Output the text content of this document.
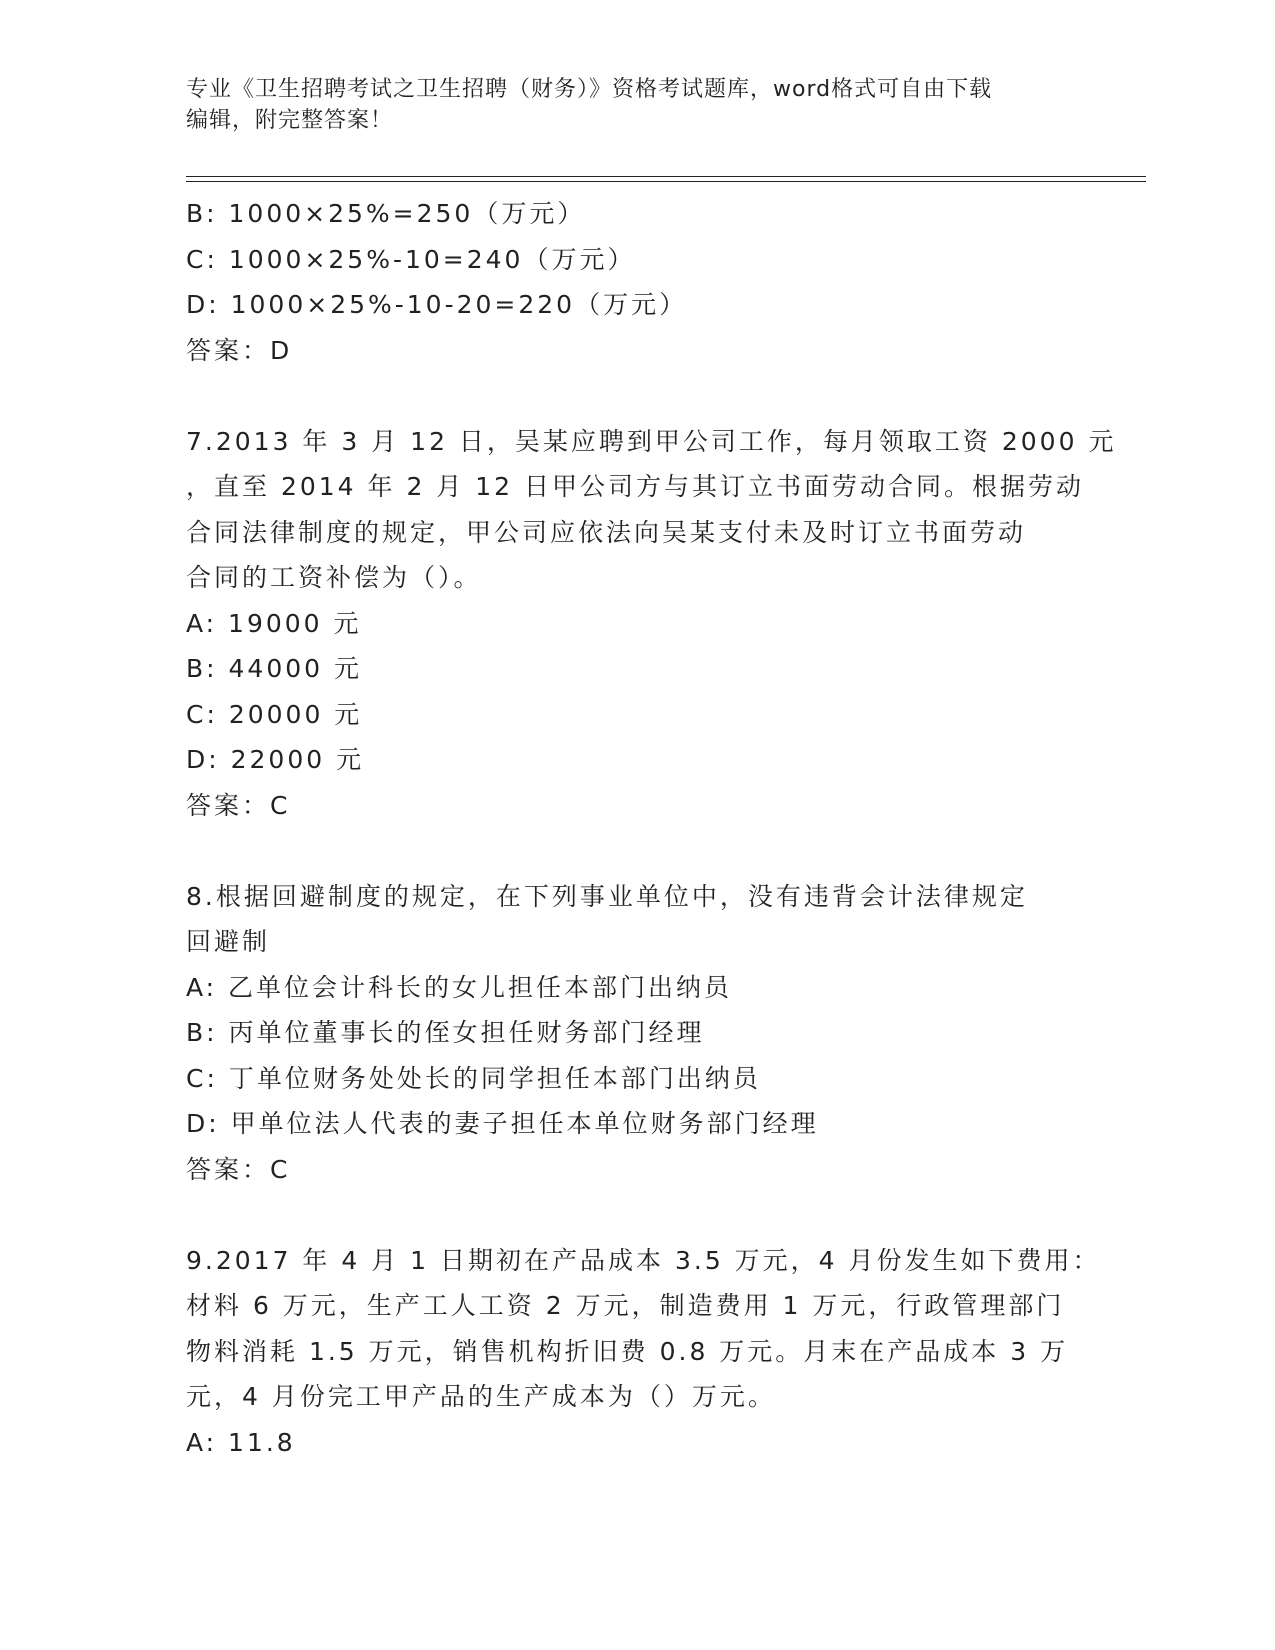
专业《卫生招聘考试之卫生招聘（财务）》资格考试题库，word格式可自由下载
编辑，附完整答案！
B: 1000×25%=250（万元）
C: 1000×25%-10=240（万元）
D: 1000×25%-10-20=220（万元）
答案：D
7.2013 年 3 月 12 日，吴某应聘到甲公司工作，每月领取工资 2000 元
，直至 2014 年 2 月 12 日甲公司方与其订立书面劳动合同。根据劳动
合同法律制度的规定，甲公司应依法向吴某支付未及时订立书面劳动
合同的工资补偿为（）。
A: 19000 元
B: 44000 元
C: 20000 元
D: 22000 元
答案：C
8.根据回避制度的规定，在下列事业单位中，没有违背会计法律规定
回避制
A: 乙单位会计科长的女儿担任本部门出纳员
B: 丙单位董事长的侄女担任财务部门经理
C: 丁单位财务处处长的同学担任本部门出纳员
D: 甲单位法人代表的妻子担任本单位财务部门经理
答案：C
9.2017 年 4 月 1 日期初在产品成本 3.5 万元，4 月份发生如下费用：
材料 6 万元，生产工人工资 2 万元，制造费用 1 万元，行政管理部门
物料消耗 1.5 万元，销售机构折旧费 0.8 万元。月末在产品成本 3 万
元，4 月份完工甲产品的生产成本为（）万元。
A: 11.8
